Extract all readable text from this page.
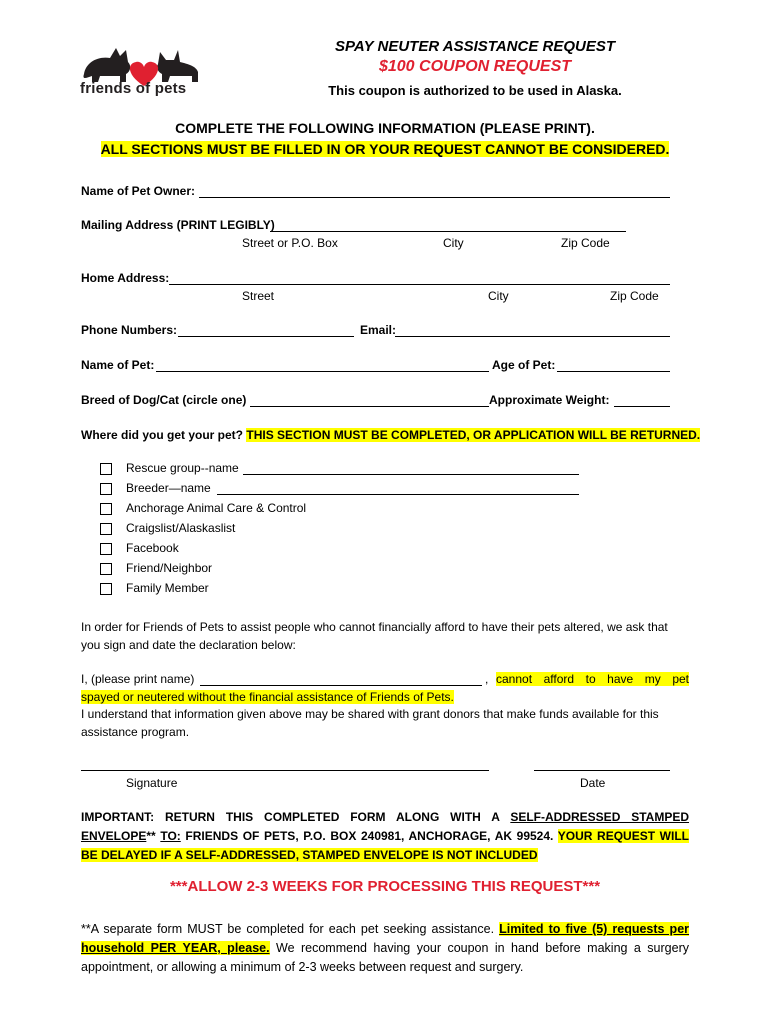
friends of pets
SPAY NEUTER ASSISTANCE REQUEST
$100 COUPON REQUEST
This coupon is authorized to be used in Alaska.
COMPLETE THE FOLLOWING INFORMATION (PLEASE PRINT).
ALL SECTIONS MUST BE FILLED IN OR YOUR REQUEST CANNOT BE CONSIDERED.
Name of Pet Owner:
Mailing Address (PRINT LEGIBLY)
Street or P.O. Box	City	Zip Code
Home Address:
Street	City	Zip Code
Phone Numbers:	Email:
Name of Pet:	Age of Pet:
Breed of Dog/Cat (circle one)	Approximate Weight:
Where did you get your pet? THIS SECTION MUST BE COMPLETED, OR APPLICATION WILL BE RETURNED.
Rescue group--name
Breeder—name
Anchorage Animal Care & Control
Craigslist/Alaskaslist
Facebook
Friend/Neighbor
Family Member
In order for Friends of Pets to assist people who cannot financially afford to have their pets altered, we ask that you sign and date the declaration below:
I, (please print name)	, cannot afford to have my pet
spayed or neutered without the financial assistance of Friends of Pets.
I understand that information given above may be shared with grant donors that make funds available for this assistance program.
Signature	Date
IMPORTANT: RETURN THIS COMPLETED FORM ALONG WITH A SELF-ADDRESSED STAMPED ENVELOPE** TO: FRIENDS OF PETS, P.O. BOX 240981, ANCHORAGE, AK 99524. YOUR REQUEST WILL BE DELAYED IF A SELF-ADDRESSED, STAMPED ENVELOPE IS NOT INCLUDED
***ALLOW 2-3 WEEKS FOR PROCESSING THIS REQUEST***
**A separate form MUST be completed for each pet seeking assistance. Limited to five (5) requests per household PER YEAR, please. We recommend having your coupon in hand before making a surgery appointment, or allowing a minimum of 2-3 weeks between request and surgery.
